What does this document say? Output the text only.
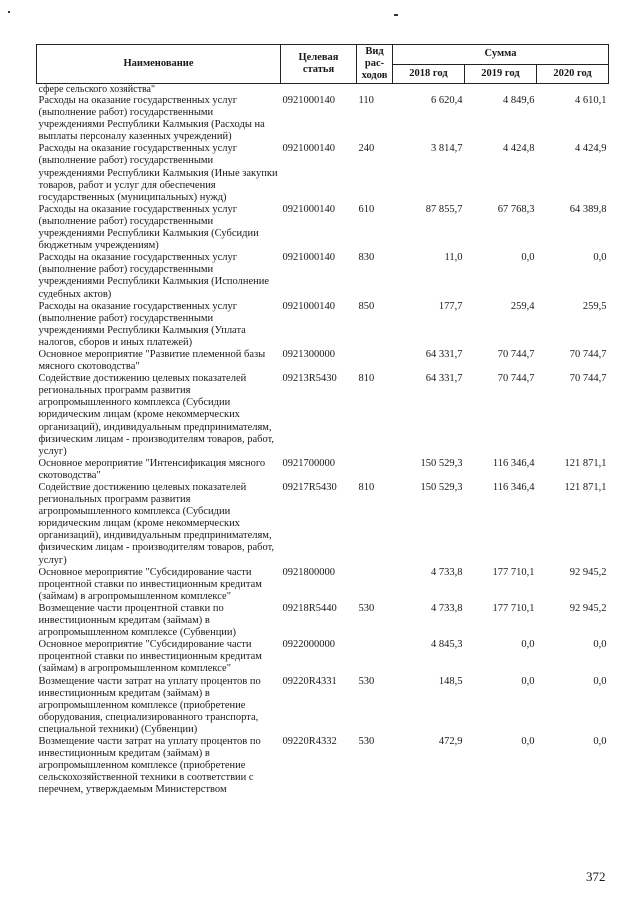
Наименование	Целевая статья	Вид рас- ходов	Сумма		
			2018 год	2019 год	2020 год
сфере сельского хозяйства"					
Расходы на оказание государственных услуг (выполнение работ) государственными учреждениями Республики Калмыкия (Расходы на выплаты персоналу казенных учреждений)	0921000140	110	6 620,4	4 849,6	4 610,1
Расходы на оказание государственных услуг (выполнение работ) государственными учреждениями Республики Калмыкия (Иные закупки товаров, работ и услуг для обеспечения государственных (муниципальных) нужд)	0921000140	240	3 814,7	4 424,8	4 424,9
Расходы на оказание государственных услуг (выполнение работ) государственными учреждениями Республики Калмыкия (Субсидии бюджетным учреждениям)	0921000140	610	87 855,7	67 768,3	64 389,8
Расходы на оказание государственных услуг (выполнение работ) государственными учреждениями Республики Калмыкия (Исполнение судебных актов)	0921000140	830	11,0	0,0	0,0
Расходы на оказание государственных услуг (выполнение работ) государственными учреждениями Республики Калмыкия (Уплата налогов, сборов и иных платежей)	0921000140	850	177,7	259,4	259,5
Основное мероприятие "Развитие племенной базы мясного скотоводства"	0921300000		64 331,7	70 744,7	70 744,7
Содействие достижению целевых показателей региональных программ развития агропромышленного комплекса (Субсидии юридическим лицам (кроме некоммерческих организаций), индивидуальным предпринимателям, физическим лицам - производителям товаров, работ, услуг)	09213R5430	810	64 331,7	70 744,7	70 744,7
Основное мероприятие "Интенсификация мясного скотоводства"	0921700000		150 529,3	116 346,4	121 871,1
Содействие достижению целевых показателей региональных программ развития агропромышленного комплекса (Субсидии юридическим лицам (кроме некоммерческих организаций), индивидуальным предпринимателям, физическим лицам - производителям товаров, работ, услуг)	09217R5430	810	150 529,3	116 346,4	121 871,1
Основное мероприятие "Субсидирование части процентной ставки по инвестиционным кредитам (займам) в агропромышленном комплексе"	0921800000		4 733,8	177 710,1	92 945,2
Возмещение части процентной ставки по инвестиционным кредитам (займам) в агропромышленном комплексе (Субвенции)	09218R5440	530	4 733,8	177 710,1	92 945,2
Основное мероприятие "Субсидирование части процентной ставки по инвестиционным кредитам (займам) в агропромышленном комплексе"	0922000000		4 845,3	0,0	0,0
Возмещение части затрат на уплату процентов по инвестиционным кредитам (займам) в агропромышленном комплексе (приобретение оборудования, специализированного транспорта, специальной техники) (Субвенции)	09220R4331	530	148,5	0,0	0,0
Возмещение части затрат на уплату процентов по инвестиционным кредитам (займам) в агропромышленном комплексе (приобретение сельскохозяйственной техники в соответствии с перечнем, утверждаемым Министерством	09220R4332	530	472,9	0,0	0,0
372
